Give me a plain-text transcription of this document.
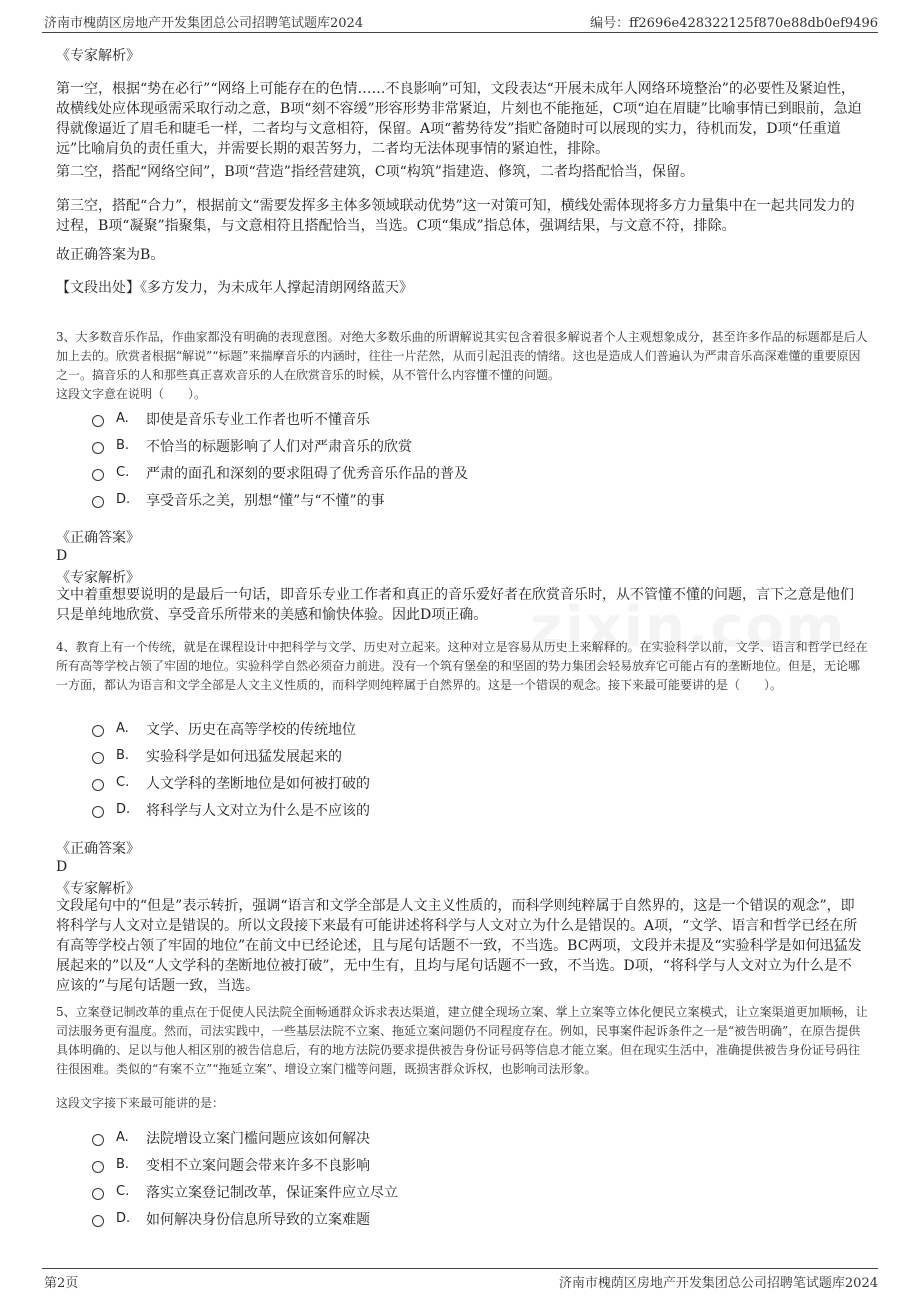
济南市槐荫区房地产开发集团总公司招聘笔试题库2024	编号：ff2696e428322125f870e88db0ef9496
《专家解析》
第一空，根据“势在必行”“网络上可能存在的色情……不良影响”可知，文段表达“开展未成年人网络环境整治”的必要性及紧迫性，故横线处应体现亟需采取行动之意，B项“刻不容缓”形容形势非常紧迫，片刻也不能拖延，C项“迫在眉睫”比喻事情已到眼前，急迫得就像逼近了眉毛和睫毛一样，二者均与文意相符，保留。A项“蓄势待发”指贮备随时可以展现的实力，待机而发，D项“任重道远”比喻肩负的责任重大，并需要长期的艰苦努力，二者均无法体现事情的紧迫性，排除。
第二空，搭配“网络空间”，B项“营造”指经营建筑，C项“构筑”指建造、修筑，二者均搭配恰当，保留。
第三空，搭配“合力”，根据前文“需要发挥多主体多领域联动优势”这一对策可知，横线处需体现将多方力量集中在一起共同发力的过程，B项“凝聚”指聚集，与文意相符且搭配恰当，当选。C项“集成”指总体，强调结果，与文意不符，排除。
故正确答案为B。
【文段出处】《多方发力，为未成年人撑起清朗网络蓝天》
3、大多数音乐作品，作曲家都没有明确的表现意图。对绝大多数乐曲的所谓解说其实包含着很多解说者个人主观想象成分，甚至许多作品的标题都是后人加上去的。欣赏者根据“解说”“标题”来揣摩音乐的内涵时，往往一片茫然，从而引起沮丧的情绪。这也是造成人们普遍认为严肃音乐高深难懂的重要原因之一。搞音乐的人和那些真正喜欢音乐的人在欣赏音乐的时候，从不管什么内容懂不懂的问题。
这段文字意在说明（　　）。
A.	即使是音乐专业工作者也听不懂音乐
B.	不恰当的标题影响了人们对严肃音乐的欣赏
C.	严肃的面孔和深刻的要求阻碍了优秀音乐作品的普及
D.	享受音乐之美，别想“懂”与“不懂”的事
《正确答案》
D
《专家解析》
文中着重想要说明的是最后一句话，即音乐专业工作者和真正的音乐爱好者在欣赏音乐时，从不管懂不懂的问题，言下之意是他们只是单纯地欣赏、享受音乐所带来的美感和愉快体验。因此D项正确。
4、教育上有一个传统，就是在课程设计中把科学与文学、历史对立起来。这种对立是容易从历史上来解释的。在实验科学以前，文学、语言和哲学已经在所有高等学校占领了牢固的地位。实验科学自然必须奋力前进。没有一个筑有堡垒的和坚固的势力集团会轻易放弃它可能占有的垄断地位。但是，无论哪一方面，都认为语言和文学全部是人文主义性质的，而科学则纯粹属于自然界的。这是一个错误的观念。接下来最可能要讲的是（　　）。
A.	文学、历史在高等学校的传统地位
B.	实验科学是如何迅猛发展起来的
C.	人文学科的垄断地位是如何被打破的
D.	将科学与人文对立为什么是不应该的
《正确答案》
D
《专家解析》
文段尾句中的“但是”表示转折，强调“语言和文学全部是人文主义性质的，而科学则纯粹属于自然界的，这是一个错误的观念”，即将科学与人文对立是错误的。所以文段接下来最有可能讲述将科学与人文对立为什么是错误的。A项，“文学、语言和哲学已经在所有高等学校占领了牢固的地位”在前文中已经论述，且与尾句话题不一致，不当选。BC两项，文段并未提及“实验科学是如何迅猛发展起来的”以及“人文学科的垄断地位被打破”，无中生有，且均与尾句话题不一致，不当选。D项，“将科学与人文对立为什么是不应该的”与尾句话题一致，当选。
5、立案登记制改革的重点在于促使人民法院全面畅通群众诉求表达渠道，建立健全现场立案、掌上立案等立体化便民立案模式，让立案渠道更加顺畅，让司法服务更有温度。然而，司法实践中，一些基层法院不立案、拖延立案问题仍不同程度存在。例如，民事案件起诉条件之一是“被告明确”，在原告提供具体明确的、足以与他人相区别的被告信息后，有的地方法院仍要求提供被告身份证号码等信息才能立案。但在现实生活中，准确提供被告身份证号码往往很困难。类似的“有案不立”“拖延立案”、增设立案门槛等问题，既损害群众诉权，也影响司法形象。
这段文字接下来最可能讲的是：
A.	法院增设立案门槛问题应该如何解决
B.	变相不立案问题会带来许多不良影响
C.	落实立案登记制改革，保证案件应立尽立
D.	如何解决身份信息所导致的立案难题
第2页	济南市槐荫区房地产开发集团总公司招聘笔试题库2024
